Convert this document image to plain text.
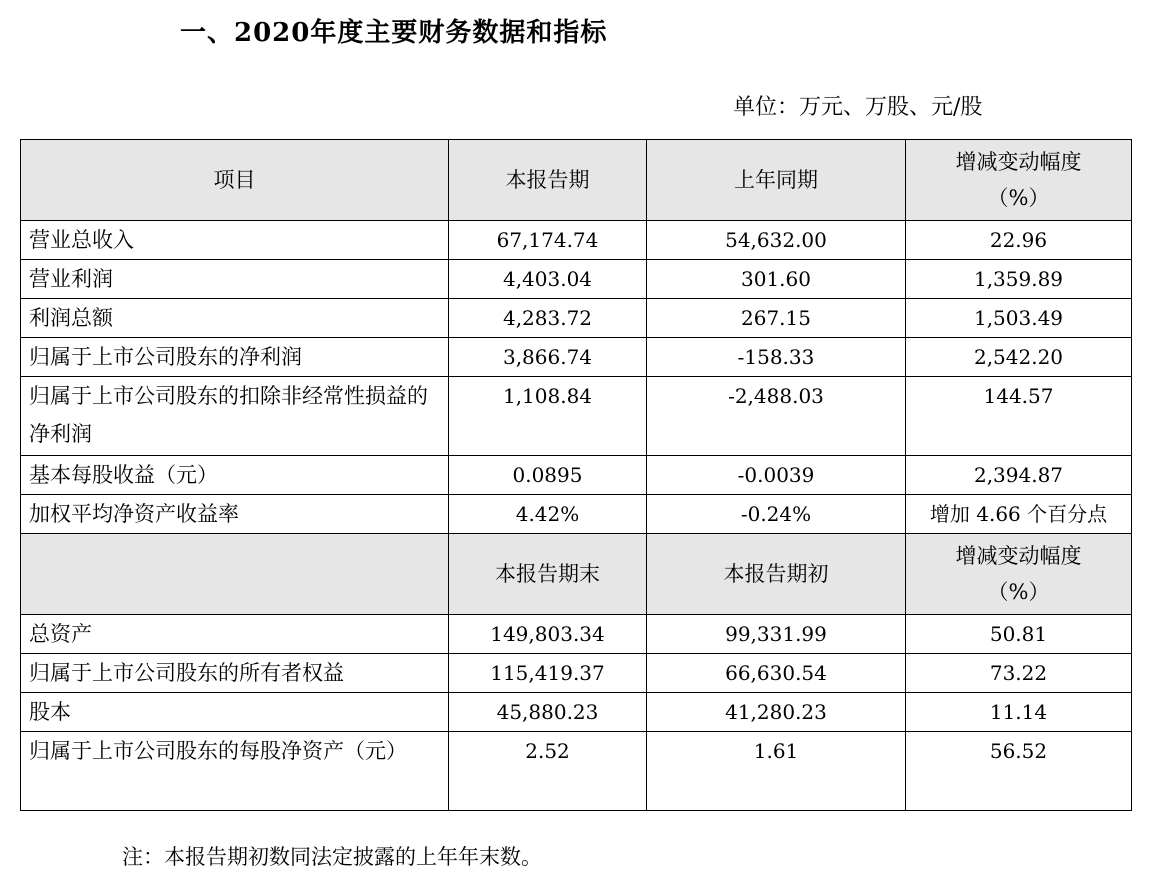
一、2020年度主要财务数据和指标
单位：万元、万股、元/股
项目	本报告期	上年同期	增减变动幅度
（%）

营业总收入	67,174.74	54,632.00	22.96
营业利润	4,403.04	301.60	1,359.89
利润总额	4,283.72	267.15	1,503.49
归属于上市公司股东的净利润	3,866.74	-158.33	2,542.20
归属于上市公司股东的扣除非经常性损益的净利润	1,108.84	-2,488.03	144.57
基本每股收益（元）	0.0895	-0.0039	2,394.87
加权平均净资产收益率	4.42%	-0.24%	增加 4.66 个百分点
	本报告期末	本报告期初	增减变动幅度
（%）

总资产	149,803.34	99,331.99	50.81
归属于上市公司股东的所有者权益	115,419.37	66,630.54	73.22
股本	45,880.23	41,280.23	11.14
归属于上市公司股东的每股净资产（元）	2.52	1.61	56.52
注：本报告期初数同法定披露的上年年末数。
